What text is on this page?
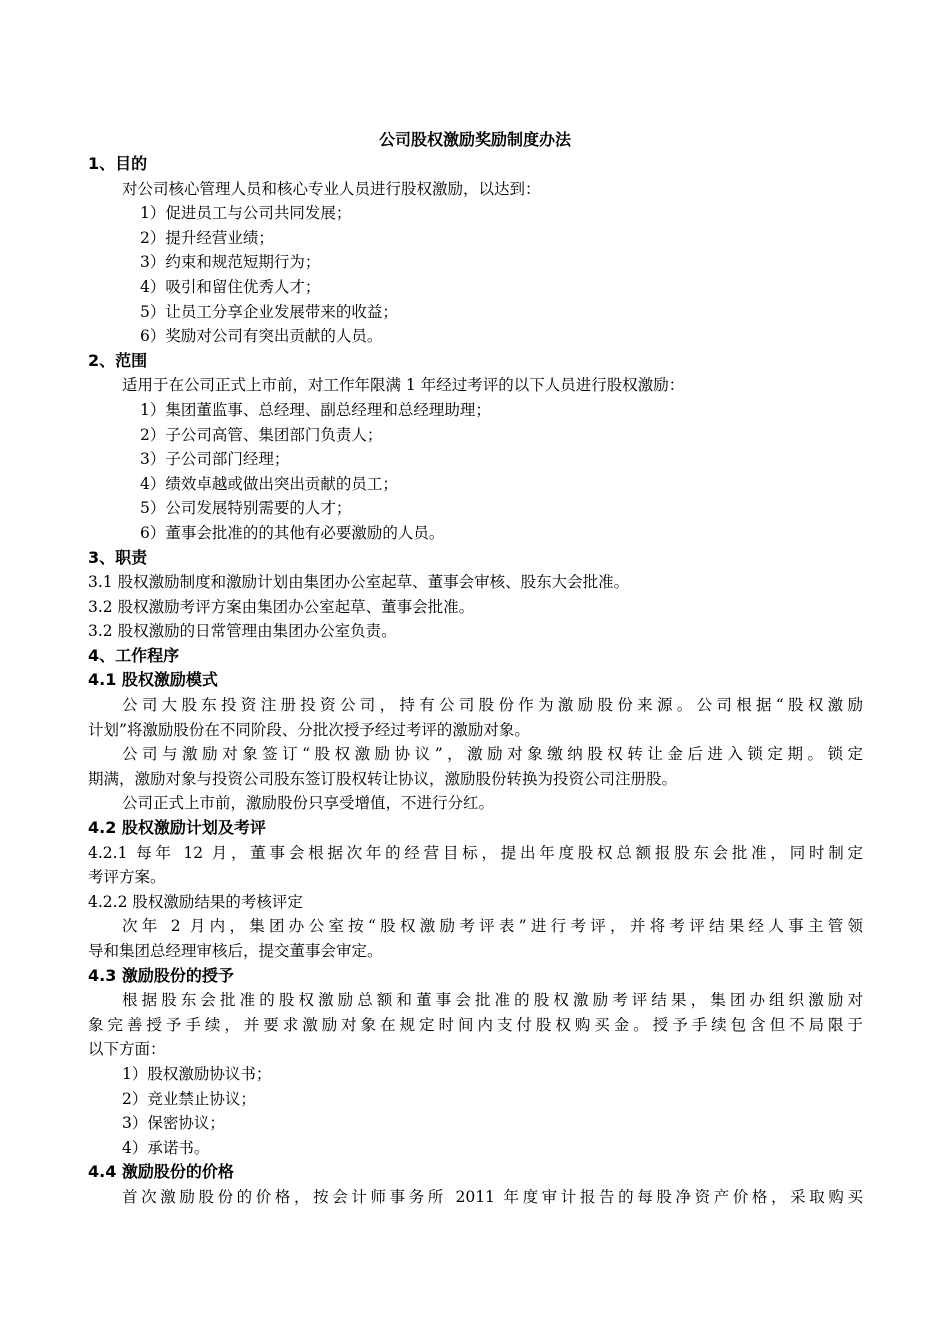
公司股权激励奖励制度办法
1、目的
对公司核心管理人员和核心专业人员进行股权激励，以达到：
1）促进员工与公司共同发展；
2）提升经营业绩；
3）约束和规范短期行为；
4）吸引和留住优秀人才；
5）让员工分享企业发展带来的收益；
6）奖励对公司有突出贡献的人员。
2、范围
适用于在公司正式上市前，对工作年限满 1 年经过考评的以下人员进行股权激励：
1）集团董监事、总经理、副总经理和总经理助理；
2）子公司高管、集团部门负责人；
3）子公司部门经理；
4）绩效卓越或做出突出贡献的员工；
5）公司发展特别需要的人才；
6）董事会批准的的其他有必要激励的人员。
3、职责
3.1 股权激励制度和激励计划由集团办公室起草、董事会审核、股东大会批准。
3.2 股权激励考评方案由集团办公室起草、董事会批准。
3.2 股权激励的日常管理由集团办公室负责。
4、工作程序
4.1 股权激励模式
公司大股东投资注册投资公司，持有公司股份作为激励股份来源。公司根据“股权激励
计划”将激励股份在不同阶段、分批次授予经过考评的激励对象。
公司与激励对象签订“股权激励协议”，激励对象缴纳股权转让金后进入锁定期。锁定
期满，激励对象与投资公司股东签订股权转让协议，激励股份转换为投资公司注册股。
公司正式上市前，激励股份只享受增值，不进行分红。
4.2 股权激励计划及考评
4.2.1 每年 12 月，董事会根据次年的经营目标，提出年度股权总额报股东会批准，同时制定
考评方案。
4.2.2 股权激励结果的考核评定
次年 2 月内，集团办公室按“股权激励考评表”进行考评，并将考评结果经人事主管领
导和集团总经理审核后，提交董事会审定。
4.3 激励股份的授予
根据股东会批准的股权激励总额和董事会批准的股权激励考评结果，集团办组织激励对
象完善授予手续，并要求激励对象在规定时间内支付股权购买金。授予手续包含但不局限于
以下方面：
1）股权激励协议书；
2）竞业禁止协议；
3）保密协议；
4）承诺书。
4.4 激励股份的价格
首次激励股份的价格，按会计师事务所 2011 年度审计报告的每股净资产价格，采取购买
